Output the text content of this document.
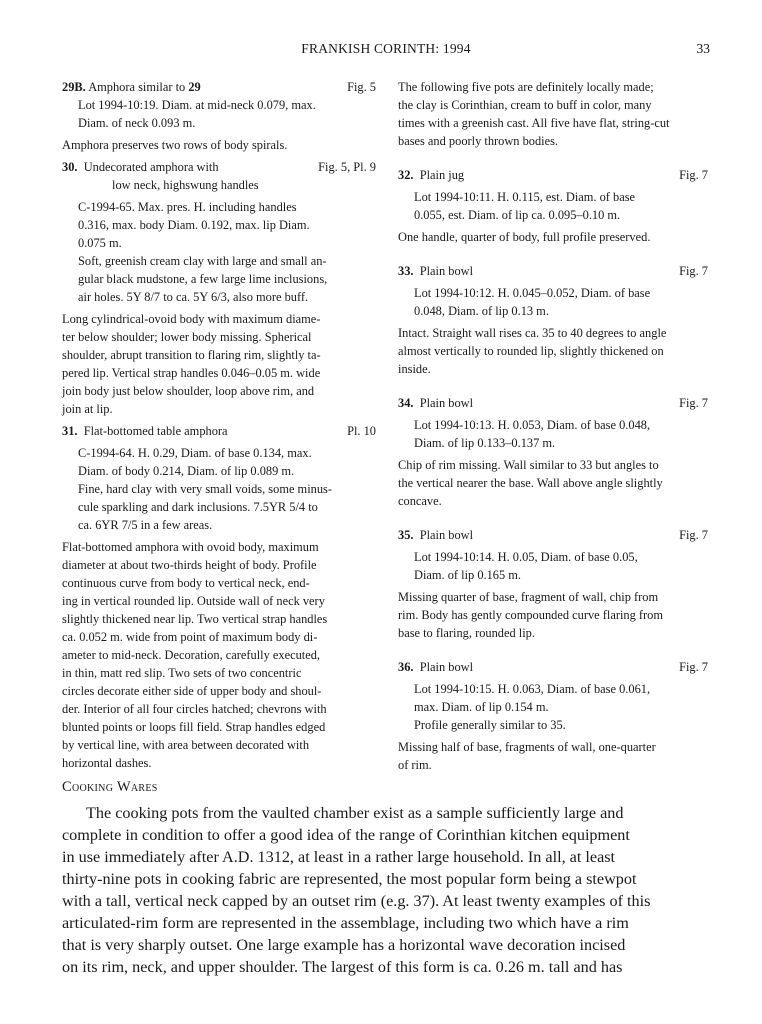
FRANKISH CORINTH: 1994	33
29B. Amphora similar to 29	Fig. 5
Lot 1994-10:19. Diam. at mid-neck 0.079, max.
Diam. of neck 0.093 m.
Amphora preserves two rows of body spirals.
30. Undecorated amphora with	Fig. 5, Pl. 9
low neck, highswung handles
C-1994-65. Max. pres. H. including handles
0.316, max. body Diam. 0.192, max. lip Diam.
0.075 m.
Soft, greenish cream clay with large and small an-
gular black mudstone, a few large lime inclusions,
air holes. 5Y 8/7 to ca. 5Y 6/3, also more buff.
Long cylindrical-ovoid body with maximum diame-
ter below shoulder; lower body missing. Spherical
shoulder, abrupt transition to flaring rim, slightly ta-
pered lip. Vertical strap handles 0.046–0.05 m. wide
join body just below shoulder, loop above rim, and
join at lip.
31. Flat-bottomed table amphora	Pl. 10
C-1994-64. H. 0.29, Diam. of base 0.134, max.
Diam. of body 0.214, Diam. of lip 0.089 m.
Fine, hard clay with very small voids, some minus-
cule sparkling and dark inclusions. 7.5YR 5/4 to
ca. 6YR 7/5 in a few areas.
Flat-bottomed amphora with ovoid body, maximum
diameter at about two-thirds height of body. Profile
continuous curve from body to vertical neck, end-
ing in vertical rounded lip. Outside wall of neck very
slightly thickened near lip. Two vertical strap handles
ca. 0.052 m. wide from point of maximum body di-
ameter to mid-neck. Decoration, carefully executed,
in thin, matt red slip. Two sets of two concentric
circles decorate either side of upper body and shoul-
der. Interior of all four circles hatched; chevrons with
blunted points or loops fill field. Strap handles edged
by vertical line, with area between decorated with
horizontal dashes.
The following five pots are definitely locally made;
the clay is Corinthian, cream to buff in color, many
times with a greenish cast. All five have flat, string-cut
bases and poorly thrown bodies.
32. Plain jug	Fig. 7
Lot 1994-10:11. H. 0.115, est. Diam. of base
0.055, est. Diam. of lip ca. 0.095–0.10 m.
One handle, quarter of body, full profile preserved.
33. Plain bowl	Fig. 7
Lot 1994-10:12. H. 0.045–0.052, Diam. of base
0.048, Diam. of lip 0.13 m.
Intact. Straight wall rises ca. 35 to 40 degrees to angle
almost vertically to rounded lip, slightly thickened on
inside.
34. Plain bowl	Fig. 7
Lot 1994-10:13. H. 0.053, Diam. of base 0.048,
Diam. of lip 0.133–0.137 m.
Chip of rim missing. Wall similar to 33 but angles to
the vertical nearer the base. Wall above angle slightly
concave.
35. Plain bowl	Fig. 7
Lot 1994-10:14. H. 0.05, Diam. of base 0.05,
Diam. of lip 0.165 m.
Missing quarter of base, fragment of wall, chip from
rim. Body has gently compounded curve flaring from
base to flaring, rounded lip.
36. Plain bowl	Fig. 7
Lot 1994-10:15. H. 0.063, Diam. of base 0.061,
max. Diam. of lip 0.154 m.
Profile generally similar to 35.
Missing half of base, fragments of wall, one-quarter
of rim.
Cooking Wares
The cooking pots from the vaulted chamber exist as a sample sufficiently large and
complete in condition to offer a good idea of the range of Corinthian kitchen equipment
in use immediately after A.D. 1312, at least in a rather large household. In all, at least
thirty-nine pots in cooking fabric are represented, the most popular form being a stewpot
with a tall, vertical neck capped by an outset rim (e.g. 37). At least twenty examples of this
articulated-rim form are represented in the assemblage, including two which have a rim
that is very sharply outset. One large example has a horizontal wave decoration incised
on its rim, neck, and upper shoulder. The largest of this form is ca. 0.26 m. tall and has
